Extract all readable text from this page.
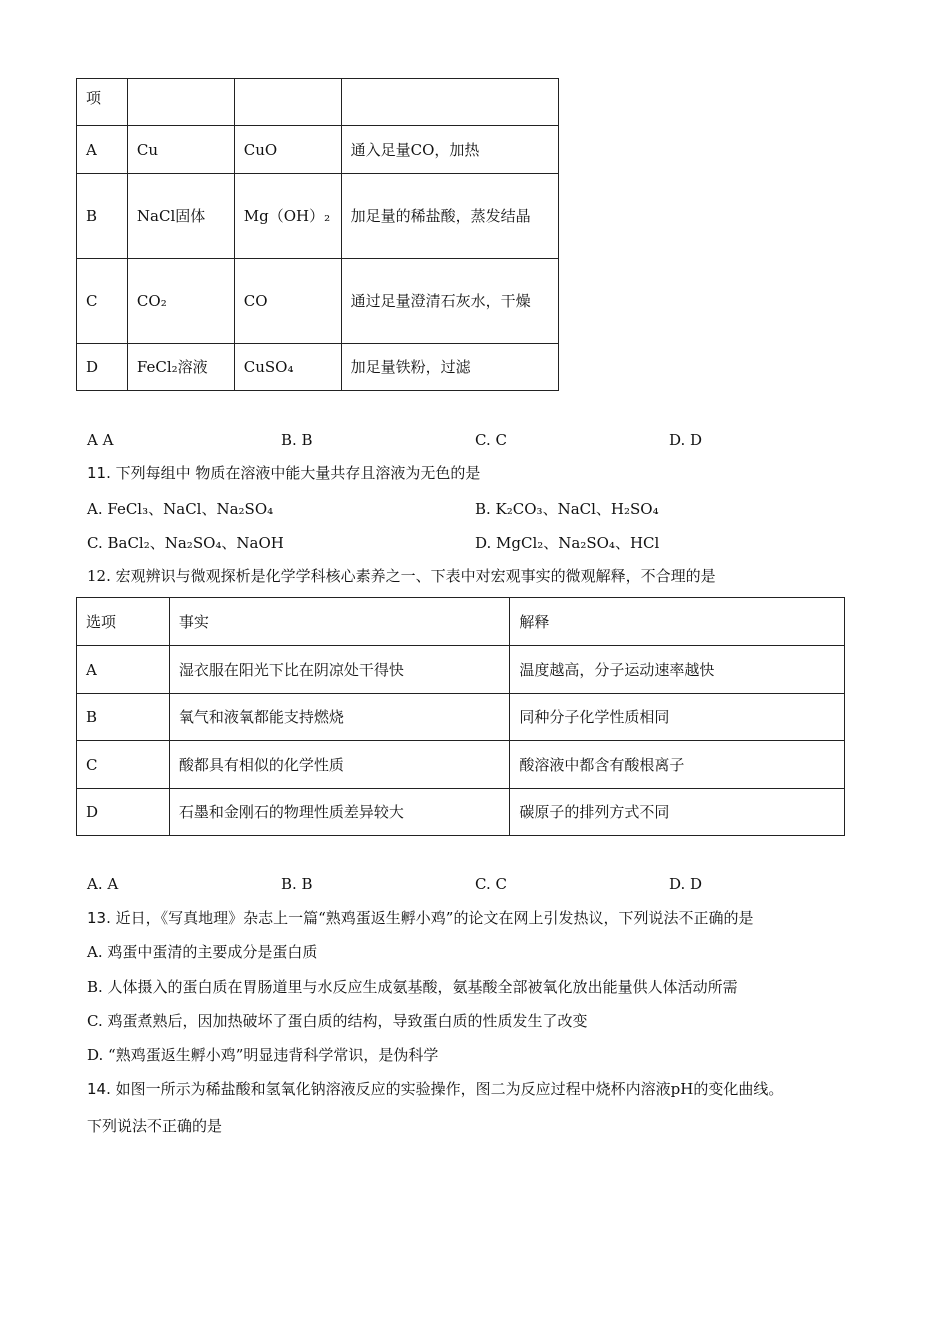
项			
A	Cu	CuO	通入足量CO，加热
B	NaCl固体	Mg（OH）₂	加足量的稀盐酸，蒸发结晶
C	CO₂	CO	通过足量澄清石灰水，干燥
D	FeCl₂溶液	CuSO₄	加足量铁粉，过滤
A A	B. B	C. C	D. D
11. 下列每组中 物质在溶液中能大量共存且溶液为无色的是
A. FeCl₃、NaCl、Na₂SO₄	B. K₂CO₃、NaCl、H₂SO₄
C. BaCl₂、Na₂SO₄、NaOH	D. MgCl₂、Na₂SO₄、HCl
12. 宏观辨识与微观探析是化学学科核心素养之一、下表中对宏观事实的微观解释，不合理的是
选项	事实	解释
A	湿衣服在阳光下比在阴凉处干得快	温度越高，分子运动速率越快
B	氧气和液氧都能支持燃烧	同种分子化学性质相同
C	酸都具有相似的化学性质	酸溶液中都含有酸根离子
D	石墨和金刚石的物理性质差异较大	碳原子的排列方式不同
A. A	B. B	C. C	D. D
13. 近日，《写真地理》杂志上一篇“熟鸡蛋返生孵小鸡”的论文在网上引发热议，下列说法不正确的是
A. 鸡蛋中蛋清的主要成分是蛋白质
B. 人体摄入的蛋白质在胃肠道里与水反应生成氨基酸，氨基酸全部被氧化放出能量供人体活动所需
C. 鸡蛋煮熟后，因加热破坏了蛋白质的结构，导致蛋白质的性质发生了改变
D. “熟鸡蛋返生孵小鸡”明显违背科学常识，是伪科学
14. 如图一所示为稀盐酸和氢氧化钠溶液反应的实验操作，图二为反应过程中烧杯内溶液pH的变化曲线。
下列说法不正确的是
